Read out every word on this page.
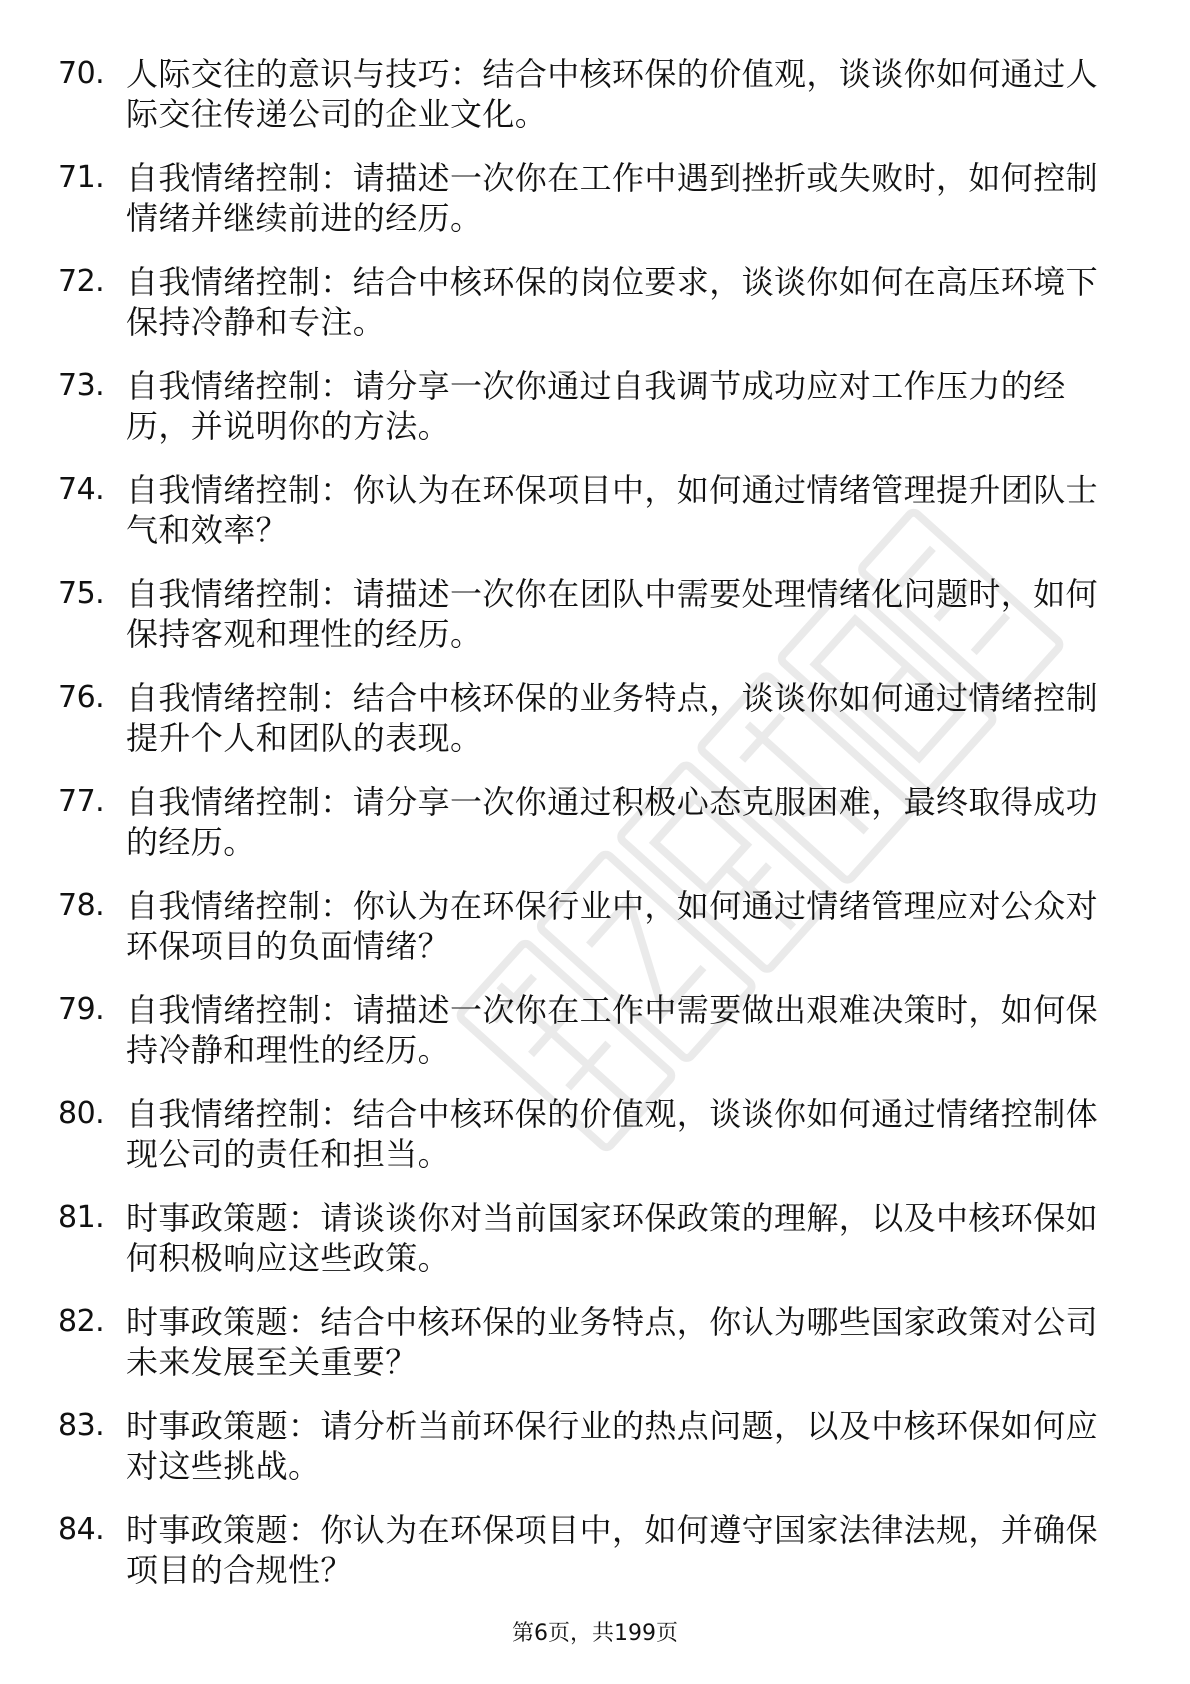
70. 人际交往的意识与技巧：结合中核环保的价值观，谈谈你如何通过人际交往传递公司的企业文化。
71. 自我情绪控制：请描述一次你在工作中遇到挫折或失败时，如何控制情绪并继续前进的经历。
72. 自我情绪控制：结合中核环保的岗位要求，谈谈你如何在高压环境下保持冷静和专注。
73. 自我情绪控制：请分享一次你通过自我调节成功应对工作压力的经历，并说明你的方法。
74. 自我情绪控制：你认为在环保项目中，如何通过情绪管理提升团队士气和效率？
75. 自我情绪控制：请描述一次你在团队中需要处理情绪化问题时，如何保持客观和理性的经历。
76. 自我情绪控制：结合中核环保的业务特点，谈谈你如何通过情绪控制提升个人和团队的表现。
77. 自我情绪控制：请分享一次你通过积极心态克服困难，最终取得成功的经历。
78. 自我情绪控制：你认为在环保行业中，如何通过情绪管理应对公众对环保项目的负面情绪？
79. 自我情绪控制：请描述一次你在工作中需要做出艰难决策时，如何保持冷静和理性的经历。
80. 自我情绪控制：结合中核环保的价值观，谈谈你如何通过情绪控制体现公司的责任和担当。
81. 时事政策题：请谈谈你对当前国家环保政策的理解，以及中核环保如何积极响应这些政策。
82. 时事政策题：结合中核环保的业务特点，你认为哪些国家政策对公司未来发展至关重要？
83. 时事政策题：请分析当前环保行业的热点问题，以及中核环保如何应对这些挑战。
84. 时事政策题：你认为在环保项目中，如何遵守国家法律法规，并确保项目的合规性？
第6页，共199页
